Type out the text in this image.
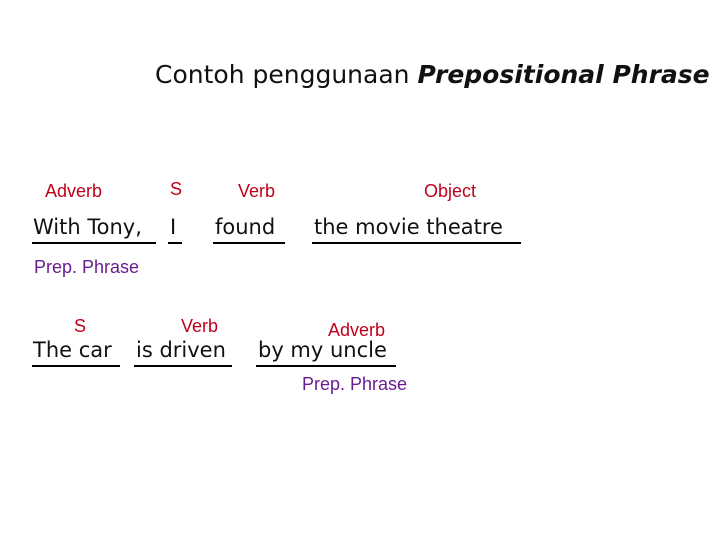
Contoh penggunaan Prepositional Phrase
Adverb	S	Verb	Object
With Tony, I found the movie theatre
Prep. Phrase
S	Verb	Adverb
The car is driven by my uncle
Prep. Phrase
